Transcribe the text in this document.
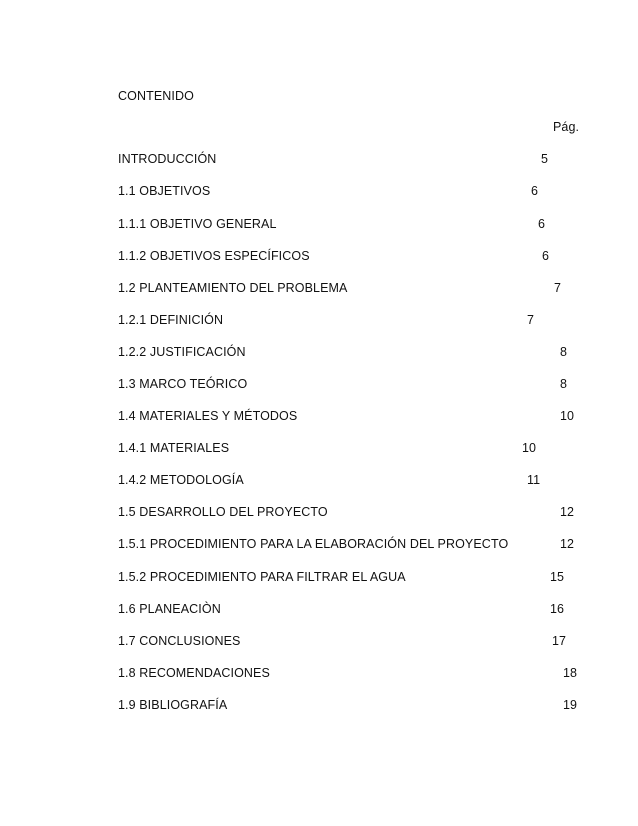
CONTENIDO
Pág.
INTRODUCCIÓN	5
1.1 OBJETIVOS	6
1.1.1 OBJETIVO GENERAL	6
1.1.2 OBJETIVOS ESPECÍFICOS	6
1.2 PLANTEAMIENTO DEL PROBLEMA	7
1.2.1 DEFINICIÓN	7
1.2.2 JUSTIFICACIÓN	8
1.3 MARCO TEÓRICO	8
1.4 MATERIALES Y MÉTODOS	10
1.4.1 MATERIALES	10
1.4.2 METODOLOGÍA	11
1.5 DESARROLLO DEL PROYECTO	12
1.5.1 PROCEDIMIENTO PARA LA ELABORACIÓN DEL PROYECTO	12
1.5.2 PROCEDIMIENTO PARA FILTRAR EL AGUA	15
1.6 PLANEACIÒN	16
1.7 CONCLUSIONES	17
1.8 RECOMENDACIONES	18
1.9 BIBLIOGRAFÍA	19
